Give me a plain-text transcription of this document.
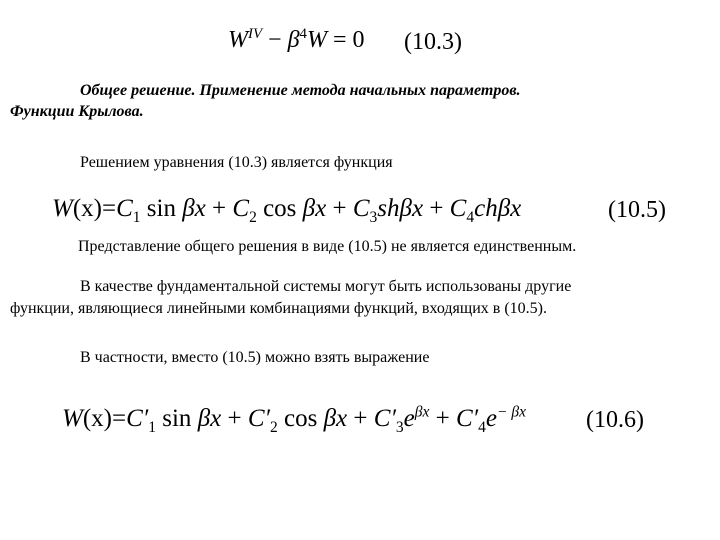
$W^{IV} - \beta^4W = 0$ (10.3)
Общее решение. Применение метода начальных параметров.
Функции Крылова.
Решением уравнения (10.3) является функция
$W(x)=C_1$ $\sin \beta x + C_2$ $\cos \beta x + C_3sh\beta x + C_4ch\beta x$	(10.5)
Представление общего решения в виде (10.5) не является единственным.
В качестве фундаментальной системы могут быть использованы другие
функции, являющиеся линейными комбинациями функций, входящих в (10.5).
В частности, вместо (10.5) можно взять выражение
$W(x)=C'_1$ $\sin \beta x + C'_2$ $\cos \beta x + C'_3e^{\beta x} + C'_4e^{- \beta x}$	(10.6)
